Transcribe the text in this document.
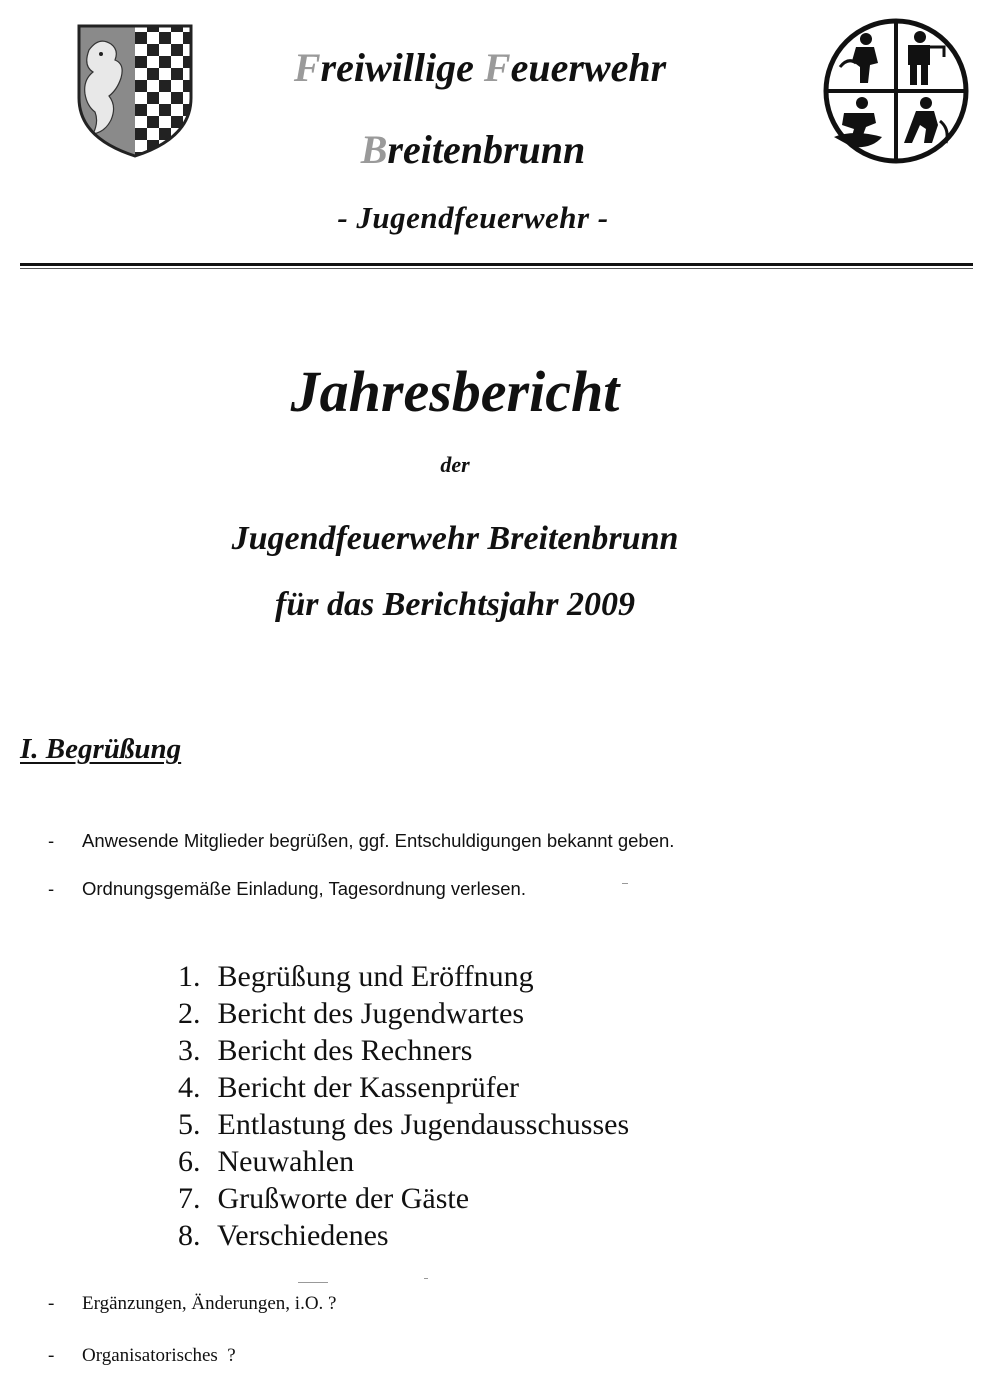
Freiwillige Feuerwehr
Breitenbrunn
- Jugendfeuerwehr -
Jahresbericht
der
Jugendfeuerwehr Breitenbrunn
für das Berichtsjahr 2009
I. Begrüßung
- Anwesende Mitglieder begrüßen, ggf. Entschuldigungen bekannt geben.
- Ordnungsgemäße Einladung, Tagesordnung verlesen.
1. Begrüßung und Eröffnung
2. Bericht des Jugendwartes
3. Bericht des Rechners
4. Bericht der Kassenprüfer
5. Entlastung des Jugendausschusses
6. Neuwahlen
7. Grußworte der Gäste
8. Verschiedenes
- Ergänzungen, Änderungen, i.O. ?
- Organisatorisches  ?
